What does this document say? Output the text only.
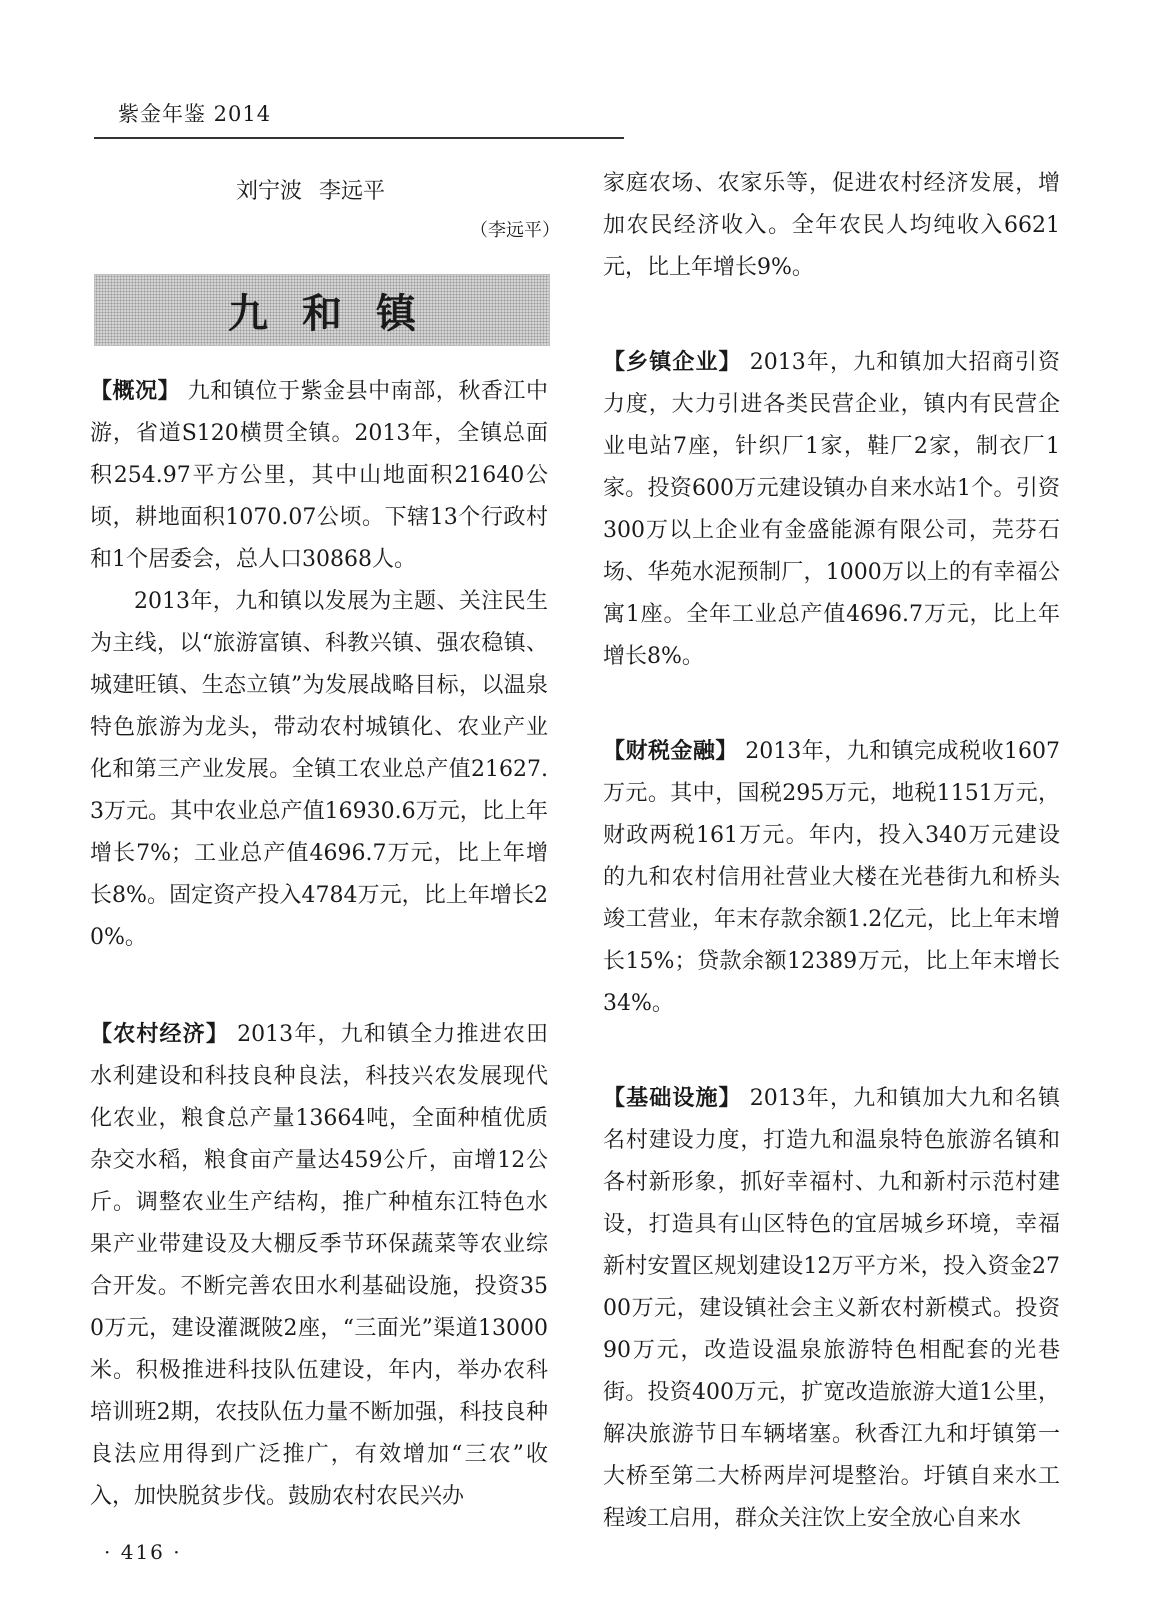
紫金年鉴 2014
刘宁波 李远平
（李远平）
九和镇

【概况】 九和镇位于紫金县中南部，秋香江中游，省道S120横贯全镇。2013年，全镇总面积254.97平方公里，其中山地面积21640公顷，耕地面积1070.07公顷。下辖13个行政村和1个居委会，总人口30868人。

2013年，九和镇以发展为主题、关注民生为主线，以“旅游富镇、科教兴镇、强农稳镇、城建旺镇、生态立镇”为发展战略目标，以温泉特色旅游为龙头，带动农村城镇化、农业产业化和第三产业发展。全镇工农业总产值21627.3万元。其中农业总产值16930.6万元，比上年增长7%；工业总产值4696.7万元，比上年增长8%。固定资产投入4784万元，比上年增长20%。

【农村经济】 2013年，九和镇全力推进农田水利建设和科技良种良法，科技兴农发展现代化农业，粮食总产量13664吨，全面种植优质杂交水稻，粮食亩产量达459公斤，亩增12公斤。调整农业生产结构，推广种植东江特色水果产业带建设及大棚反季节环保蔬菜等农业综合开发。不断完善农田水利基础设施，投资350万元，建设灌溉陂2座，“三面光”渠道13000米。积极推进科技队伍建设，年内，举办农科培训班2期，农技队伍力量不断加强，科技良种良法应用得到广泛推广，有效增加“三农”收入，加快脱贫步伐。鼓励农村农民兴办

家庭农场、农家乐等，促进农村经济发展，增加农民经济收入。全年农民人均纯收入6621元，比上年增长9%。

【乡镇企业】 2013年，九和镇加大招商引资力度，大力引进各类民营企业，镇内有民营企业电站7座，针织厂1家，鞋厂2家，制衣厂1家。投资600万元建设镇办自来水站1个。引资300万以上企业有金盛能源有限公司，芫芬石场、华苑水泥预制厂，1000万以上的有幸福公寓1座。全年工业总产值4696.7万元，比上年增长8%。

【财税金融】 2013年，九和镇完成税收1607万元。其中，国税295万元，地税1151万元，财政两税161万元。年内，投入340万元建设的九和农村信用社营业大楼在光巷街九和桥头竣工营业，年末存款余额1.2亿元，比上年末增长15%；贷款余额12389万元，比上年末增长34%。

【基础设施】 2013年，九和镇加大九和名镇名村建设力度，打造九和温泉特色旅游名镇和各村新形象，抓好幸福村、九和新村示范村建设，打造具有山区特色的宜居城乡环境，幸福新村安置区规划建设12万平方米，投入资金2700万元，建设镇社会主义新农村新模式。投资90万元，改造设温泉旅游特色相配套的光巷街。投资400万元，扩宽改造旅游大道1公里，解决旅游节日车辆堵塞。秋香江九和圩镇第一大桥至第二大桥两岸河堤整治。圩镇自来水工程竣工启用，群众关注饮上安全放心自来水

· 416 ·
